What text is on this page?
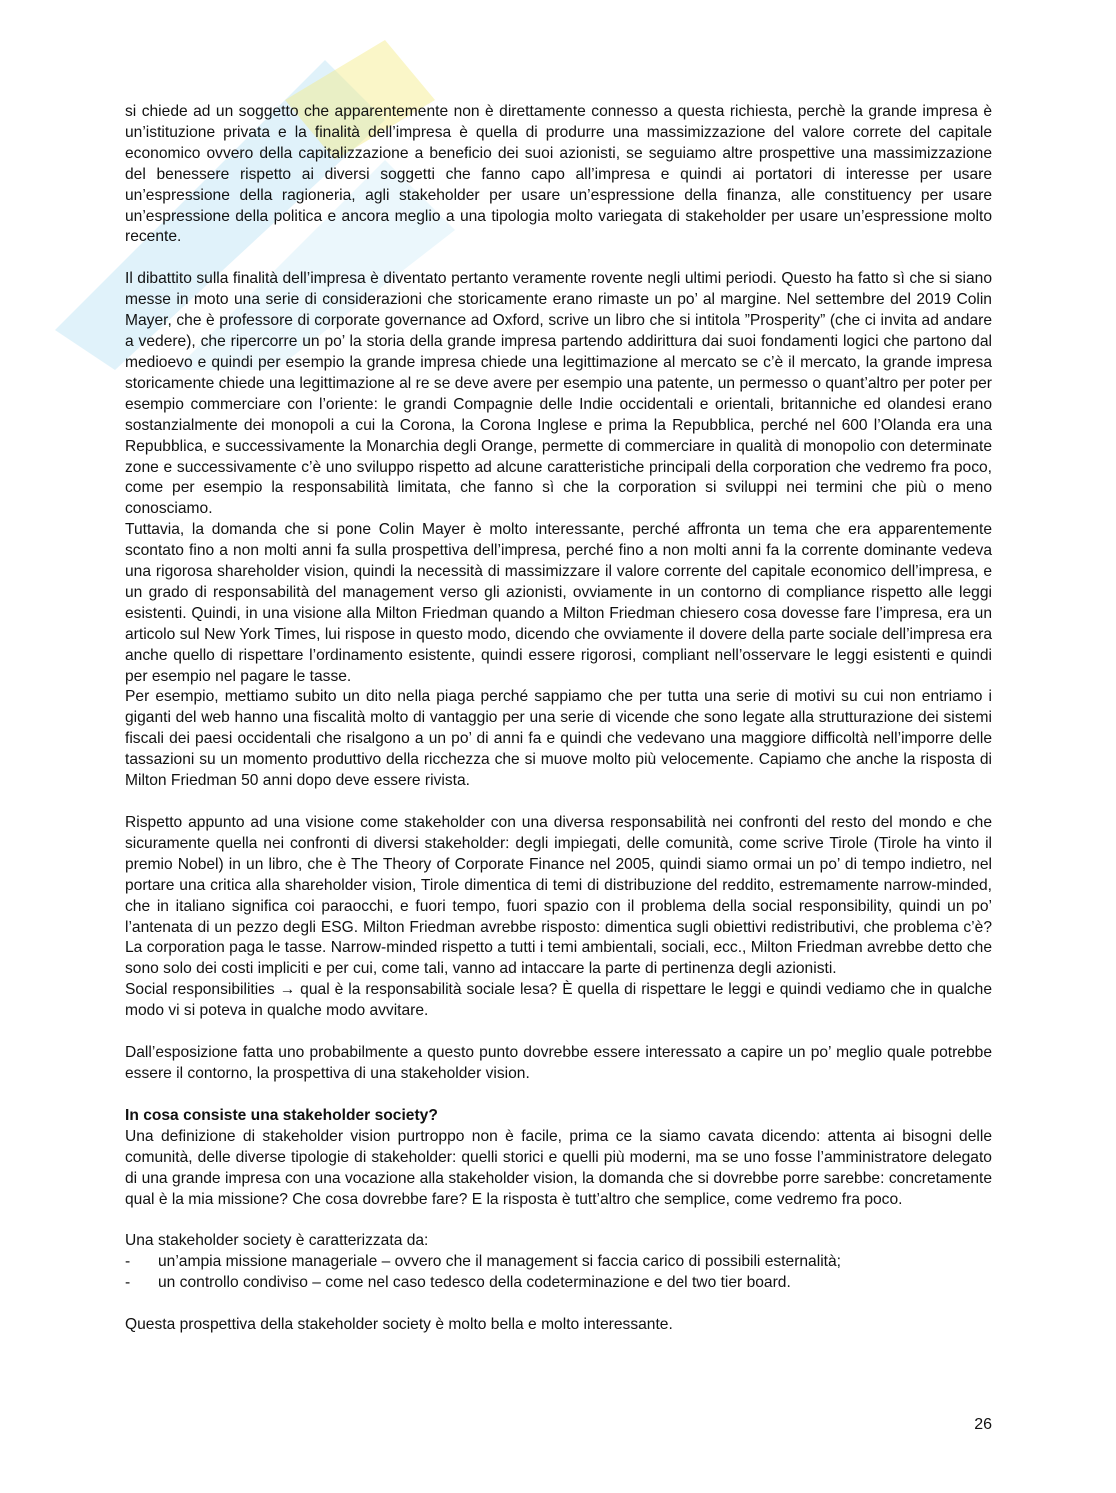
si chiede ad un soggetto che apparentemente non è direttamente connesso a questa richiesta, perchè la grande impresa è un’istituzione privata e la finalità dell’impresa è quella di produrre una massimizzazione del valore correte del capitale economico ovvero della capitalizzazione a beneficio dei suoi azionisti, se seguiamo altre prospettive una massimizzazione del benessere rispetto ai diversi soggetti che fanno capo all’impresa e quindi ai portatori di interesse per usare un’espressione della ragioneria, agli stakeholder per usare un’espressione della finanza, alle constituency per usare un’espressione della politica e ancora meglio a una tipologia molto variegata di stakeholder per usare un’espressione molto recente.

Il dibattito sulla finalità dell’impresa è diventato pertanto veramente rovente negli ultimi periodi. Questo ha fatto sì che si siano messe in moto una serie di considerazioni che storicamente erano rimaste un po’ al margine. Nel settembre del 2019 Colin Mayer, che è professore di corporate governance ad Oxford, scrive un libro che si intitola ”Prosperity” (che ci invita ad andare a vedere), che ripercorre un po’ la storia della grande impresa partendo addirittura dai suoi fondamenti logici che partono dal medioevo e quindi per esempio la grande impresa chiede una legittimazione al mercato se c’è il mercato, la grande impresa storicamente chiede una legittimazione al re se deve avere per esempio una patente, un permesso o quant’altro per poter per esempio commerciare con l’oriente: le grandi Compagnie delle Indie occidentali e orientali, britanniche ed olandesi erano sostanzialmente dei monopoli a cui la Corona, la Corona Inglese e prima la Repubblica, perché nel 600 l’Olanda era una Repubblica, e successivamente la Monarchia degli Orange, permette di commerciare in qualità di monopolio con determinate zone e successivamente c’è uno sviluppo rispetto ad alcune caratteristiche principali della corporation che vedremo fra poco, come per esempio la responsabilità limitata, che fanno sì che la corporation si sviluppi nei termini che più o meno conosciamo.

Tuttavia, la domanda che si pone Colin Mayer è molto interessante, perché affronta un tema che era apparentemente scontato fino a non molti anni fa sulla prospettiva dell’impresa, perché fino a non molti anni fa la corrente dominante vedeva una rigorosa shareholder vision, quindi la necessità di massimizzare il valore corrente del capitale economico dell’impresa, e un grado di responsabilità del management verso gli azionisti, ovviamente in un contorno di compliance rispetto alle leggi esistenti. Quindi, in una visione alla Milton Friedman quando a Milton Friedman chiesero cosa dovesse fare l’impresa, era un articolo sul New York Times, lui rispose in questo modo, dicendo che ovviamente il dovere della parte sociale dell’impresa era anche quello di rispettare l’ordinamento esistente, quindi essere rigorosi, compliant nell’osservare le leggi esistenti e quindi per esempio nel pagare le tasse.

Per esempio, mettiamo subito un dito nella piaga perché sappiamo che per tutta una serie di motivi su cui non entriamo i giganti del web hanno una fiscalità molto di vantaggio per una serie di vicende che sono legate alla strutturazione dei sistemi fiscali dei paesi occidentali che risalgono a un po’ di anni fa e quindi che vedevano una maggiore difficoltà nell’imporre delle tassazioni su un momento produttivo della ricchezza che si muove molto più velocemente. Capiamo che anche la risposta di Milton Friedman 50 anni dopo deve essere rivista.

Rispetto appunto ad una visione come stakeholder con una diversa responsabilità nei confronti del resto del mondo e che sicuramente quella nei confronti di diversi stakeholder: degli impiegati, delle comunità, come scrive Tirole (Tirole ha vinto il premio Nobel) in un libro, che è The Theory of Corporate Finance nel 2005, quindi siamo ormai un po’ di tempo indietro, nel portare una critica alla shareholder vision, Tirole dimentica di temi di distribuzione del reddito, estremamente narrow-minded, che in italiano significa coi paraocchi, e fuori tempo, fuori spazio con il problema della social responsibility, quindi un po’ l’antenata di un pezzo degli ESG. Milton Friedman avrebbe risposto: dimentica sugli obiettivi redistributivi, che problema c’è? La corporation paga le tasse. Narrow-minded rispetto a tutti i temi ambientali, sociali, ecc., Milton Friedman avrebbe detto che sono solo dei costi impliciti e per cui, come tali, vanno ad intaccare la parte di pertinenza degli azionisti.

Social responsibilities → qual è la responsabilità sociale lesa? È quella di rispettare le leggi e quindi vediamo che in qualche modo vi si poteva in qualche modo avvitare.

Dall’esposizione fatta uno probabilmente a questo punto dovrebbe essere interessato a capire un po’ meglio quale potrebbe essere il contorno, la prospettiva di una stakeholder vision.

In cosa consiste una stakeholder society?

Una definizione di stakeholder vision purtroppo non è facile, prima ce la siamo cavata dicendo: attenta ai bisogni delle comunità, delle diverse tipologie di stakeholder: quelli storici e quelli più moderni, ma se uno fosse l’amministratore delegato di una grande impresa con una vocazione alla stakeholder vision, la domanda che si dovrebbe porre sarebbe: concretamente qual è la mia missione? Che cosa dovrebbe fare? E la risposta è tutt’altro che semplice, come vedremo fra poco.

Una stakeholder society è caratterizzata da:

- un’ampia missione manageriale – ovvero che il management si faccia carico di possibili esternalità;
- un controllo condiviso – come nel caso tedesco della codeterminazione e del two tier board.

Questa prospettiva della stakeholder society è molto bella e molto interessante.

26
